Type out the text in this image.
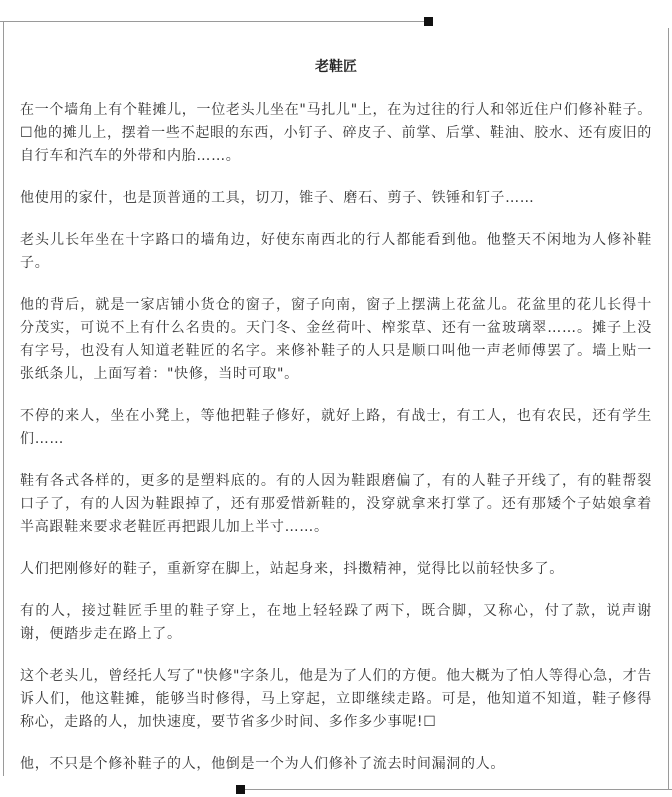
老鞋匠

在一个墙角上有个鞋摊儿，一位老头儿坐在"马扎儿"上，在为过往的行人和邻近住户们修补鞋子。☐他的摊儿上，摆着一些不起眼的东西，小钉子、碎皮子、前掌、后掌、鞋油、胶水、还有废旧的自行车和汽车的外带和内胎……。

他使用的家什，也是顶普通的工具，切刀，锥子、磨石、剪子、铁锤和钉子……

老头儿长年坐在十字路口的墙角边，好使东南西北的行人都能看到他。他整天不闲地为人修补鞋子。

他的背后，就是一家店铺小货仓的窗子，窗子向南，窗子上摆满上花盆儿。花盆里的花儿长得十分茂实，可说不上有什么名贵的。天门冬、金丝荷叶、榨浆草、还有一盆玻璃翠……。摊子上没有字号，也没有人知道老鞋匠的名字。来修补鞋子的人只是顺口叫他一声老师傅罢了。墙上贴一张纸条儿，上面写着："快修，当时可取"。

不停的来人，坐在小凳上，等他把鞋子修好，就好上路，有战士，有工人，也有农民，还有学生们……

鞋有各式各样的，更多的是塑料底的。有的人因为鞋跟磨偏了，有的人鞋子开线了，有的鞋帮裂口子了，有的人因为鞋跟掉了，还有那爱惜新鞋的，没穿就拿来打掌了。还有那矮个子姑娘拿着半高跟鞋来要求老鞋匠再把跟儿加上半寸……。

人们把刚修好的鞋子，重新穿在脚上，站起身来，抖擞精神，觉得比以前轻快多了。

有的人，接过鞋匠手里的鞋子穿上，在地上轻轻跺了两下，既合脚，又称心，付了款，说声谢谢，便踏步走在路上了。

这个老头儿，曾经托人写了"快修"字条儿，他是为了人们的方便。他大概为了怕人等得心急，才告诉人们，他这鞋摊，能够当时修得，马上穿起，立即继续走路。可是，他知道不知道，鞋子修得称心，走路的人，加快速度，要节省多少时间、多作多少事呢!☐

他，不只是个修补鞋子的人，他倒是一个为人们修补了流去时间漏洞的人。
